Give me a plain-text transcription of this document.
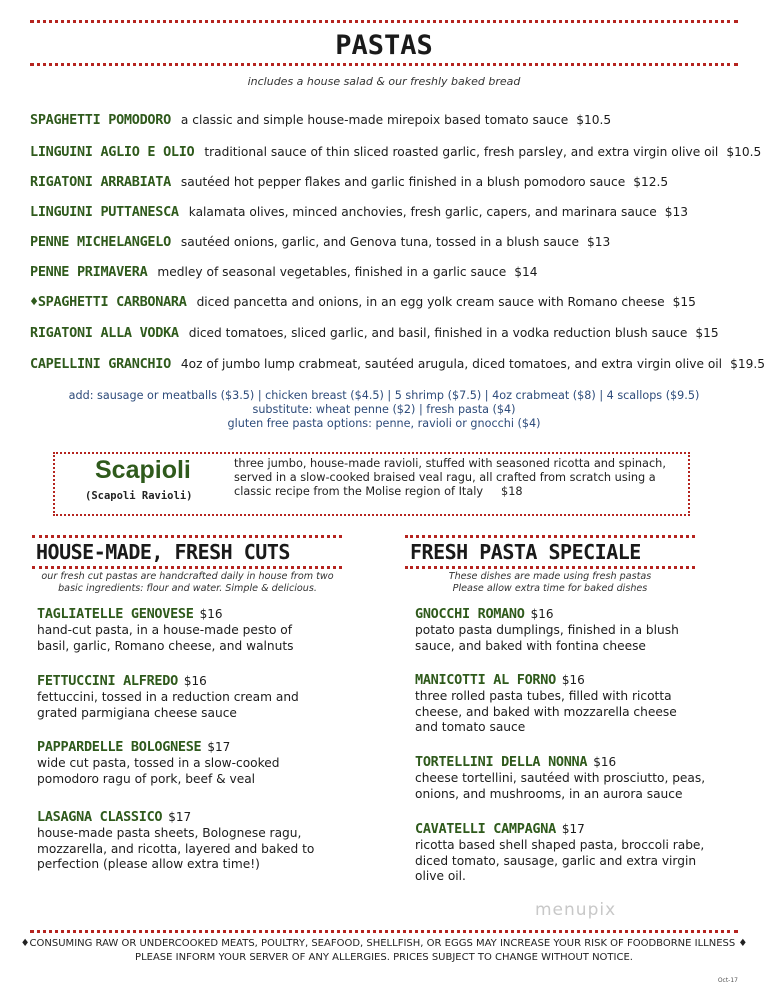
PASTAS
includes a house salad & our freshly baked bread
SPAGHETTI POMODORO a classic and simple house-made mirepoix based tomato sauce $10.5
LINGUINI AGLIO E OLIO traditional sauce of thin sliced roasted garlic, fresh parsley, and extra virgin olive oil $10.5
RIGATONI ARRABIATA sautéed hot pepper flakes and garlic finished in a blush pomodoro sauce $12.5
LINGUINI PUTTANESCA kalamata olives, minced anchovies, fresh garlic, capers, and marinara sauce $13
PENNE MICHELANGELO sautéed onions, garlic, and Genova tuna, tossed in a blush sauce $13
PENNE PRIMAVERA medley of seasonal vegetables, finished in a garlic sauce $14
♦SPAGHETTI CARBONARA diced pancetta and onions, in an egg yolk cream sauce with Romano cheese $15
RIGATONI ALLA VODKA diced tomatoes, sliced garlic, and basil, finished in a vodka reduction blush sauce $15
CAPELLINI GRANCHIO 4oz of jumbo lump crabmeat, sautéed arugula, diced tomatoes, and extra virgin olive oil $19.5
add: sausage or meatballs ($3.5) | chicken breast ($4.5) | 5 shrimp ($7.5) | 4oz crabmeat ($8) | 4 scallops ($9.5)
substitute: wheat penne ($2) | fresh pasta ($4)
gluten free pasta options: penne, ravioli or gnocchi ($4)
Scapioli
(Scapoli Ravioli)
three jumbo, house-made ravioli, stuffed with seasoned ricotta and spinach, served in a slow-cooked braised veal ragu, all crafted from scratch using a classic recipe from the Molise region of Italy $18
HOUSE-MADE, FRESH CUTS
our fresh cut pastas are handcrafted daily in house from two basic ingredients: flour and water. Simple & delicious.
TAGLIATELLE GENOVESE $16
hand-cut pasta, in a house-made pesto of basil, garlic, Romano cheese, and walnuts
FETTUCCINI ALFREDO $16
fettuccini, tossed in a reduction cream and grated parmigiana cheese sauce
PAPPARDELLE BOLOGNESE $17
wide cut pasta, tossed in a slow-cooked pomodoro ragu of pork, beef & veal
LASAGNA CLASSICO $17
house-made pasta sheets, Bolognese ragu, mozzarella, and ricotta, layered and baked to perfection (please allow extra time!)
FRESH PASTA SPECIALE
These dishes are made using fresh pastas Please allow extra time for baked dishes
GNOCCHI ROMANO $16
potato pasta dumplings, finished in a blush sauce, and baked with fontina cheese
MANICOTTI AL FORNO $16
three rolled pasta tubes, filled with ricotta cheese, and baked with mozzarella cheese and tomato sauce
TORTELLINI DELLA NONNA $16
cheese tortellini, sautéed with prosciutto, peas, onions, and mushrooms, in an aurora sauce
CAVATELLI CAMPAGNA $17
ricotta based shell shaped pasta, broccoli rabe, diced tomato, sausage, garlic and extra virgin olive oil.
menupix
♦CONSUMING RAW OR UNDERCOOKED MEATS, POULTRY, SEAFOOD, SHELLFISH, OR EGGS MAY INCREASE YOUR RISK OF FOODBORNE ILLNESS ♦
PLEASE INFORM YOUR SERVER OF ANY ALLERGIES. PRICES SUBJECT TO CHANGE WITHOUT NOTICE.
Oct-17
